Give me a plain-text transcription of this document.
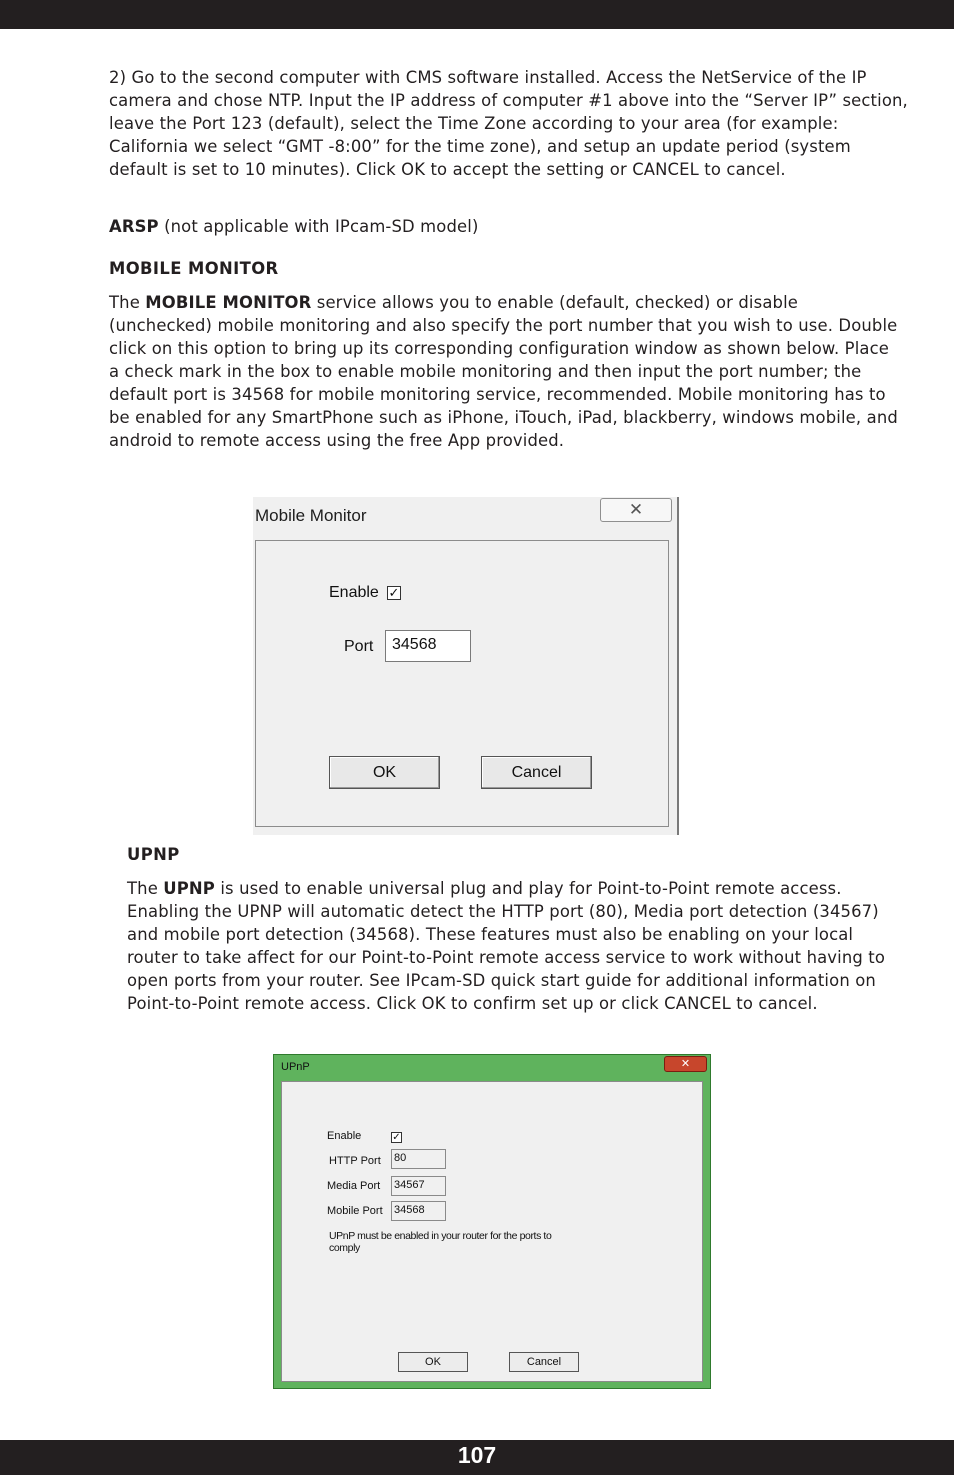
2) Go to the second computer with CMS software installed. Access the NetService of the IP camera and chose NTP. Input the IP address of computer #1 above into the “Server IP” section, leave the Port 123 (default), select the Time Zone according to your area (for example: California we select “GMT -8:00” for the time zone), and setup an update period (system default is set to 10 minutes). Click OK to accept the setting or CANCEL to cancel.

ARSP (not applicable with IPcam-SD model)

MOBILE MONITOR

The MOBILE MONITOR service allows you to enable (default, checked) or disable (unchecked) mobile monitoring and also specify the port number that you wish to use. Double click on this option to bring up its corresponding configuration window as shown below. Place a check mark in the box to enable mobile monitoring and then input the port number; the default port is 34568 for mobile monitoring service, recommended. Mobile monitoring has to be enabled for any SmartPhone such as iPhone, iTouch, iPad, blackberry, windows mobile, and android to remote access using the free App provided.

Mobile Monitor	✕
Enable ✓
Port	34568
OK	Cancel

UPNP

The UPNP is used to enable universal plug and play for Point-to-Point remote access. Enabling the UPNP will automatic detect the HTTP port (80), Media port detection (34567) and mobile port detection (34568). These features must also be enabling on your local router to take affect for our Point-to-Point remote access service to work without having to open ports from your router. See IPcam-SD quick start guide for additional information on Point-to-Point remote access. Click OK to confirm set up or click CANCEL to cancel.

UPnP	✕
Enable	✓
HTTP Port 80
Media Port 34567
Mobile Port 34568
UPnP must be enabled in your router for the ports to comply
OK	Cancel
107
